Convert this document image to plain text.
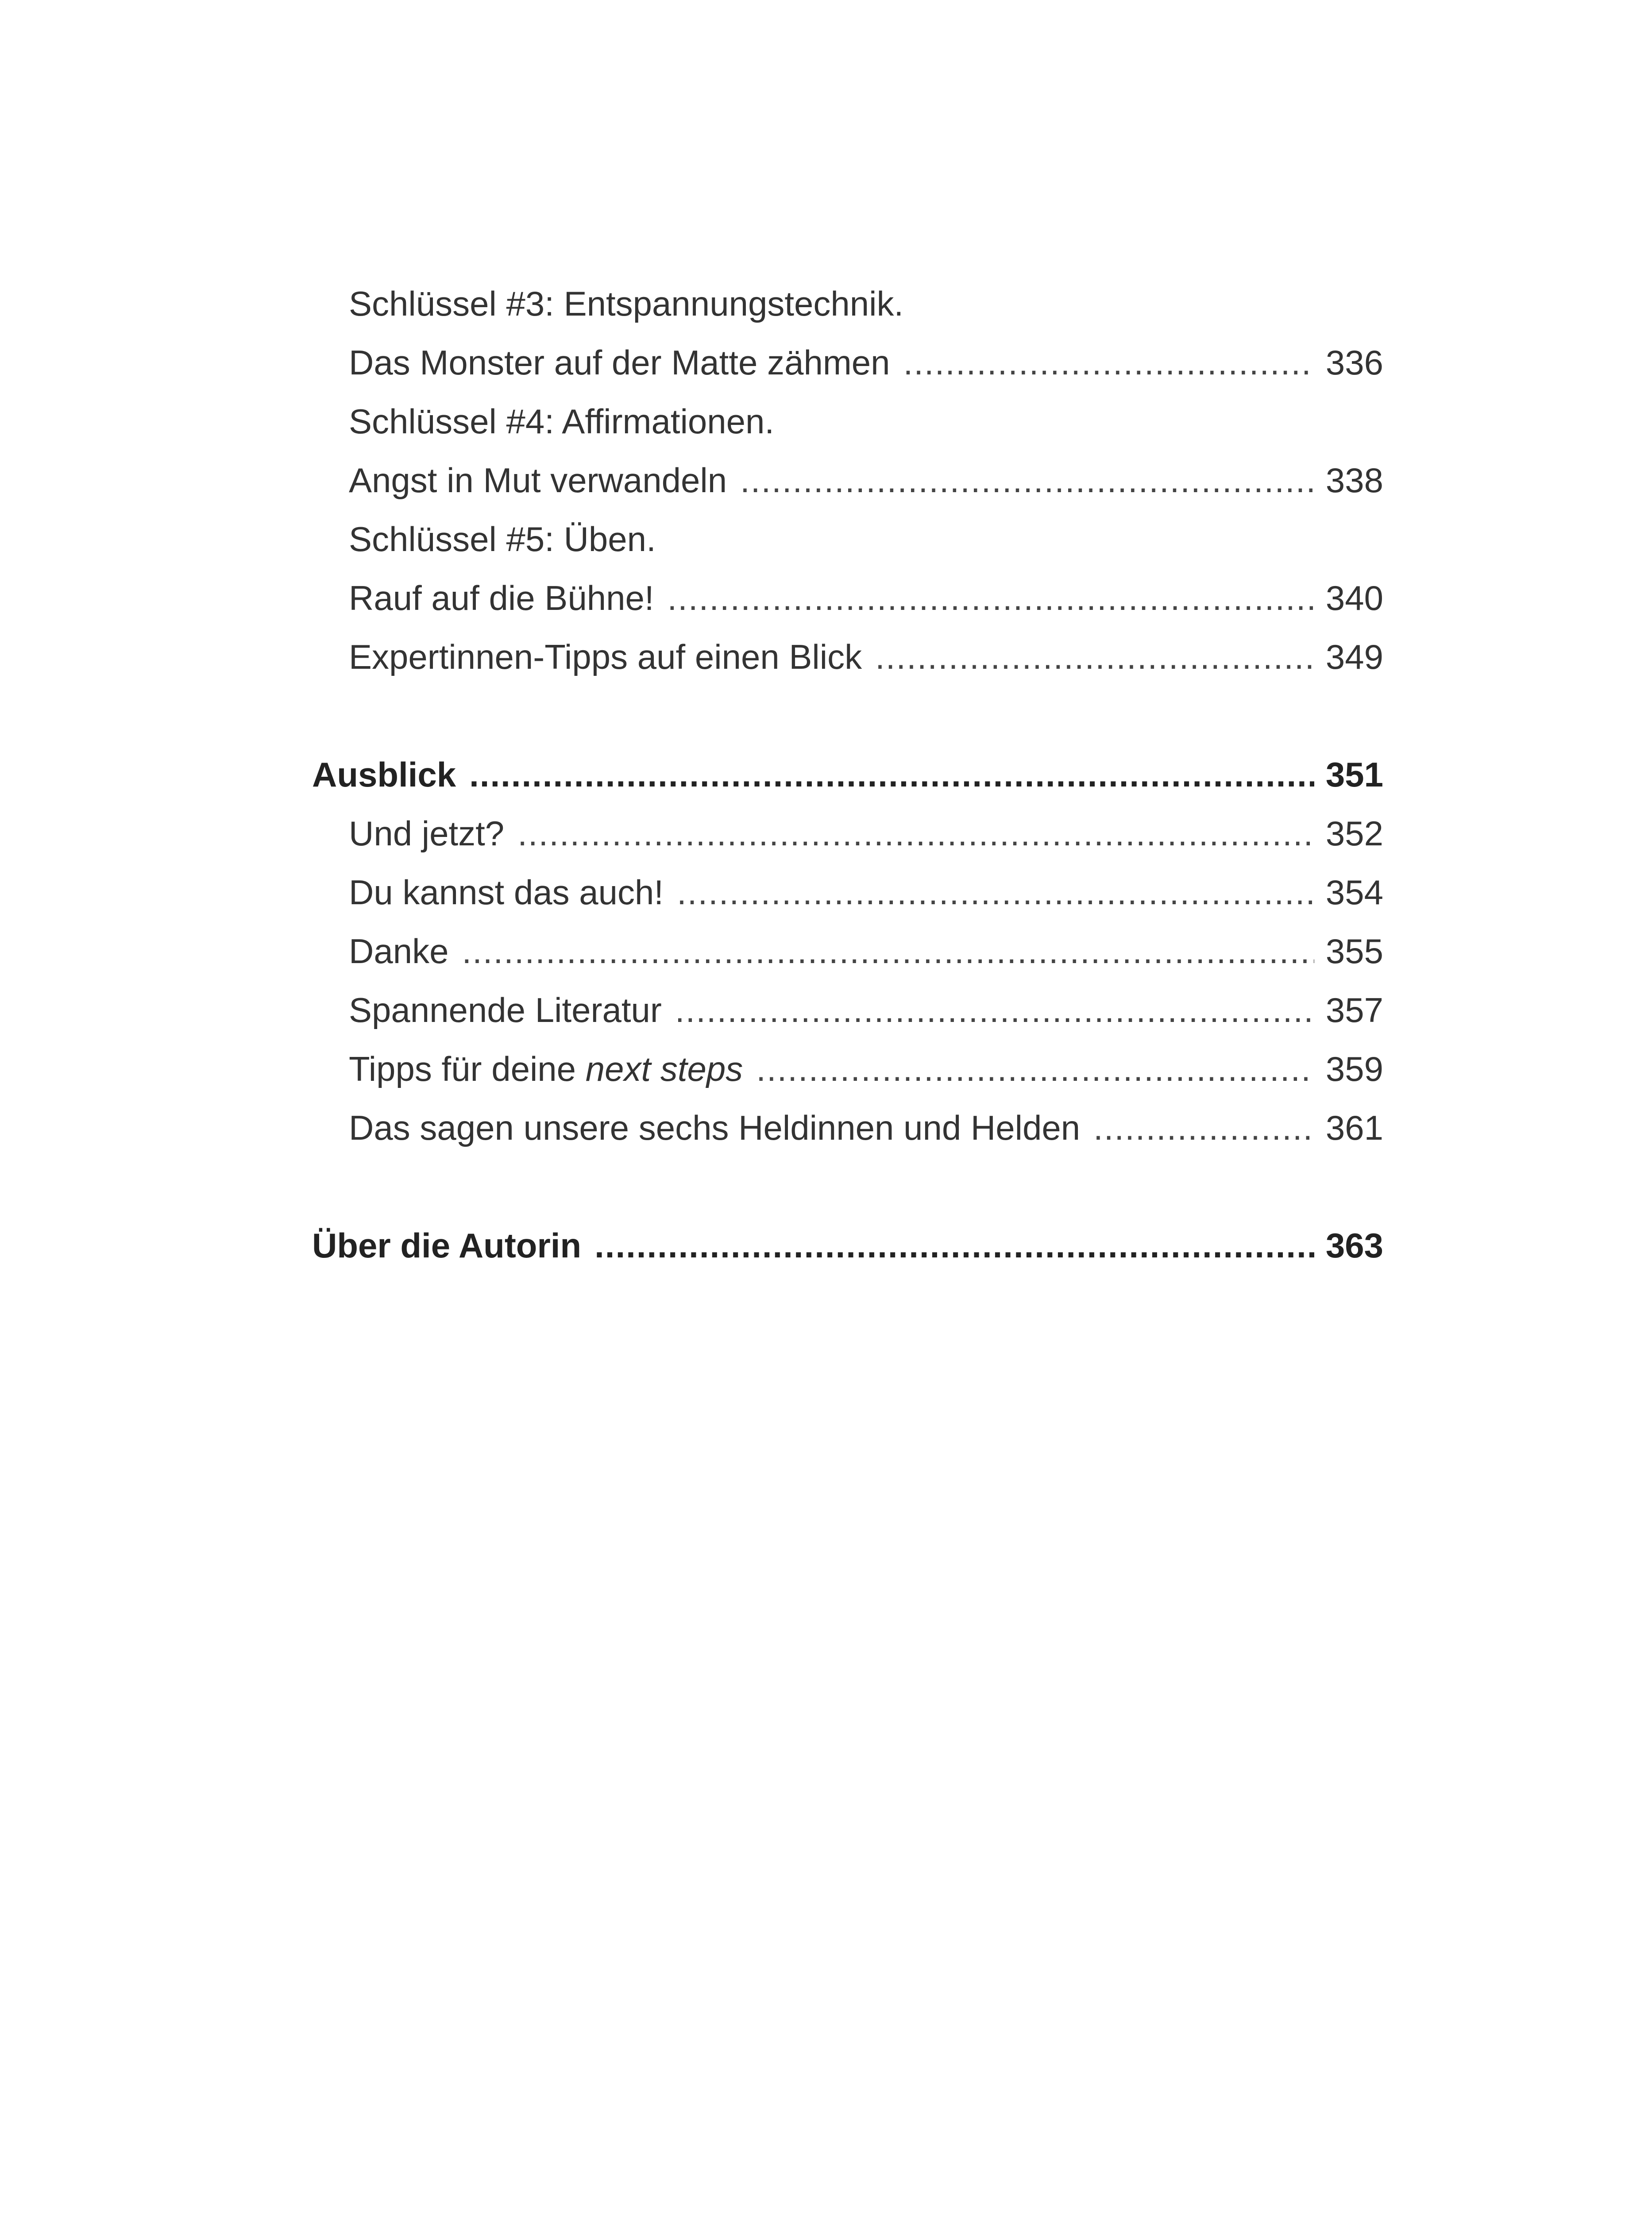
Schlüssel #3: Entspannungstechnik.
Das Monster auf der Matte zähmen .....	336
Schlüssel #4: Affirmationen.
Angst in Mut verwandeln .....	338
Schlüssel #5: Üben.
Rauf auf die Bühne! .....	340
Expertinnen-Tipps auf einen Blick .....	349
Ausblick .....	351
Und jetzt? .....	352
Du kannst das auch! .....	354
Danke .....	355
Spannende Literatur .....	357
Tipps für deine next steps .....	359
Das sagen unsere sechs Heldinnen und Helden .....	361
Über die Autorin .....	363
